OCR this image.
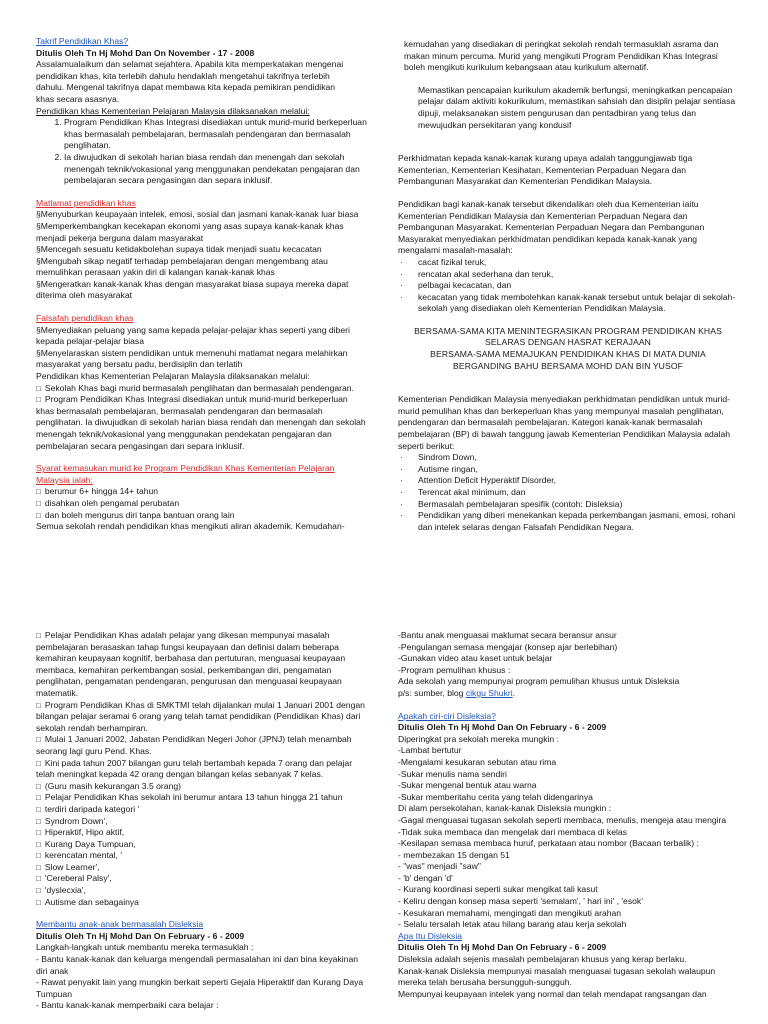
Takrif Pendidikan Khas?

Ditulis Oleh Tn Hj Mohd Dan On November - 17 - 2008

Assalamualaikum dan selamat sejahtera. Apabila kita memperkatakan mengenai

pendidikan khas, kita terlebih dahulu hendaklah mengetahui takrifnya terlebih

dahulu. Mengenal takrifnya dapat membawa kita kepada pemikiran pendidikan

khas secara asasnya.

Pendidikan khas Kementerian Pelajaran Malaysia dilaksanakan melalui:

1. Program Pendidikan Khas Integrasi disediakan untuk murid-murid berkeperluan khas bermasalah pembelajaran, bermasalah pendengaran dan bermasalah penglihatan.
2. Ia diwujudkan di sekolah harian biasa rendah dan menengah dan sekolah menengah teknik/vokasional yang menggunakan pendekatan pengajaran dan pembelajaran secara pengasingan dan separa inklusif.

Matlamat pendidikan khas

§Menyuburkan keupayaan intelek, emosi, sosial dan jasmani kanak-kanak luar biasa

§Memperkembangkan kecekapan ekonomi yang asas supaya kanak-kanak khas

menjadi pekerja berguna dalam masyarakat

§Mencegah sesuatu ketidakbolehan supaya tidak menjadi suatu kecacatan

§Mengubah sikap negatif terhadap pembelajaran dengan mengembang atau

memulihkan perasaan yakin diri di kalangan kanak-kanak khas

§Mengeratkan kanak-kanak khas dengan masyarakat biasa supaya mereka dapat

diterima oleh masyarakat

Falsafah pendidikan khas

§Menyediakan peluang yang sama kepada pelajar-pelajar khas seperti yang diberi

kepada pelajar-pelajar biasa

§Menyelaraskan sistem pendidikan untuk memenuhi matlamat negara melahirkan

masyarakat yang bersatu padu, berdisiplin dan terlatih

Pendidikan khas Kementerian Pelajaran Malaysia dilaksanakan melalui:

□ Sekolah Khas bagi murid bermasalah penglihatan dan bermasalah pendengaran.

□ Program Pendidikan Khas Integrasi disediakan untuk murid-murid berkeperluan khas bermasalah pembelajaran, bermasalah pendengaran dan bermasalah penglihatan. Ia diwujudkan di sekolah harian biasa rendah dan menengah dan sekolah menengah teknik/vokasional yang menggunakan pendekatan pengajaran dan pembelajaran secara pengasingan dan separa inklusif.

Syarat kemasukan murid ke Program Pendidikan Khas Kementerian Pelajaran Malaysia ialah:

□ berumur 6+ hingga 14+ tahun

□ disahkan oleh pengamal perubatan

□ dan boleh mengurus diri tanpa bantuan orang lain

Semua sekolah rendah pendidikan khas mengikuti aliran akademik. Kemudahan-

kemudahan yang disediakan di peringkat sekolah rendah termasuklah asrama dan makan minum percuma. Murid yang mengikuti Program Pendidikan Khas Integrasi boleh mengikuti kurikulum kebangsaan atau kurikulum alternatif.

Memastikan pencapaian kurikulum akademik berfungsi, meningkatkan pencapaian pelajar dalam aktiviti kokurikulum, memastikan sahsiah dan disiplin pelajar sentiasa dipuji, melaksanakan sistem pengurusan dan pentadbiran yang telus dan mewujudkan persekitaran yang kondusif

Perkhidmatan kepada kanak-kanak kurang upaya adalah tanggungjawab tiga Kementerian, Kementerian Kesihatan, Kementerian Perpaduan Negara dan Pembangunan Masyarakat dan Kementerian Pendidikan Malaysia.

Pendidikan bagi kanak-kanak tersebut dikendalikan oleh dua Kementerian iaitu Kementerian Pendidikan Malaysia dan Kementerian Perpaduan Negara dan Pembangunan Masyarakat. Kementerian Perpaduan Negara dan Pembangunan Masyarakat menyediakan perkhidmatan pendidikan kepada kanak-kanak yang mengalami masalah-masalah:

· cacat fizikal teruk,
· rencatan akal sederhana dan teruk,
· pelbagai kecacatan, dan
· kecacatan yang tidak membolehkan kanak-kanak tersebut untuk belajar di sekolah-sekolah yang disediakan oleh Kementerian Pendidikan Malaysia.

BERSAMA-SAMA KITA MENINTEGRASIKAN PROGRAM PENDIDIKAN KHAS

SELARAS DENGAN HASRAT KERAJAAN

BERSAMA-SAMA MEMAJUKAN PENDIDIKAN KHAS DI MATA DUNIA

BERGANDING BAHU BERSAMA MOHD DAN BIN YUSOF

Kementerian Pendidikan Malaysia menyediakan perkhidmatan pendidikan untuk murid-murid pemulihan khas dan berkeperluan khas yang mempunyai masalah penglihatan, pendengaran dan bermasalah pembelajaran. Kategori kanak-kanak bermasalah pembelajaran (BP) di bawah tanggung jawab Kementerian Pendidikan Malaysia adalah seperti berikut:

· Sindrom Down,
· Autisme ringan,
· Attention Deficit Hyperaktif Disorder,
· Terencat akal minimum, dan
· Bermasalah pembelajaran spesifik (contoh: Disleksia)
· Pendidikan yang diberi menekankan kepada perkembangan jasmani, emosi, rohani dan intelek selaras dengan Falsafah Pendidikan Negara.

□ Pelajar Pendidikan Khas adalah pelajar yang dikesan mempunyai masalah pembelajaran berasaskan tahap fungsi keupayaan dan definisi dalam beberapa kemahiran keupayaan kognitif, berbahasa dan pertuturan, menguasai keupayaan membaca, kemahiran perkembangan sosial, perkembangan diri, pengamatan penglihatan, pengamatan pendengaran, pengurusan dan menguasai keupayaan matematik.

□ Program Pendidikan Khas di SMKTMI telah dijalankan mulai 1 Januari 2001 dengan bilangan pelajar seramai 6 orang yang telah tamat pendidikan (Pendidikan Khas) dari sekolah rendah berhampiran.

□ Mulai 1 Januari 2002, Jabatan Pendidikan Negeri Johor (JPNJ) telah menambah seorang lagi guru Pend. Khas.

□ Kini pada tahun 2007 bilangan guru telah bertambah kepada 7 orang dan pelajar telah meningkat kepada 42 orang dengan bilangan kelas sebanyak 7 kelas.

□ (Guru masih kekurangan 3.5 orang)

□ Pelajar Pendidikan Khas sekolah ini berumur antara 13 tahun hingga 21 tahun

□ terdiri daripada kategori '

□ Syndrom Down',

□ Hiperaktif, Hipo aktif,

□ Kurang Daya Tumpuan,

□ kerencatan mental, '

□ Slow Learner',

□ 'Cereberal Palsy',

□ 'dyslecxia',

□ Autisme dan sebagainya

Membantu anak-anak bermasalah Disleksia

Ditulis Oleh Tn Hj Mohd Dan On February - 6 - 2009

Langkah-langkah untuk membantu mereka termasuklah :

- Bantu kanak-kanak dan keluarga mengendali permasalahan ini dan bina keyakinan diri anak

- Rawat penyakit lain yang mungkin berkait seperti Gejala Hiperaktif dan Kurang Daya

Tumpuan

- Bantu kanak-kanak memperbaiki cara belajar :

-Bantu anak menguasai maklumat secara beransur ansur

-Pengulangan semasa mengajar (konsep ajar berlebihan)

-Gunakan video atau kaset untuk belajar

-Program pemulihan khusus :

Ada sekolah yang mempunyai program pemulihan khusus untuk Disleksia

p/s: sumber, blog cikgu Shukri.

Apakah ciri-ciri Disleksia?

Ditulis Oleh Tn Hj Mohd Dan On February - 6 - 2009

Diperingkat pra sekolah mereka mungkin :

-Lambat bertutur

-Mengalami kesukaran sebutan atau rima

-Sukar menulis nama sendiri

-Sukar mengenal bentuk atau warna

-Sukar memberitahu cerita yang telah didengarinya

Di alam persekolahan, kanak-kanak Disleksia mungkin :

-Gagal menguasai tugasan sekolah seperti membaca, menulis, mengeja atau mengira

-Tidak suka membaca dan mengelak dari membaca di kelas

-Kesilapan semasa membaca huruf, perkataan atau nombor (Bacaan terbalik) :

- membezakan 15 dengan 51

- "was" menjadi "saw"

- 'b' dengan 'd'

- Kurang koordinasi seperti sukar mengikat tali kasut

- Keliru dengan konsep masa seperti 'semalam', ' hari ini' , 'esok'

- Kesukaran memahami, mengingati dan mengikuti arahan

- Selalu tersalah letak atau hilang barang atau kerja sekolah

Apa Itu Disleksia

Ditulis Oleh Tn Hj Mohd Dan On February - 6 - 2009

Disleksia adalah sejenis masalah pembelajaran khusus yang kerap berlaku.

Kanak-kanak Disleksia mempunyai masalah menguasai tugasan sekolah walaupun

mereka telah berusaha bersungguh-sungguh.

Mempunyai keupayaan intelek yang normal dan telah mendapat rangsangan dan
